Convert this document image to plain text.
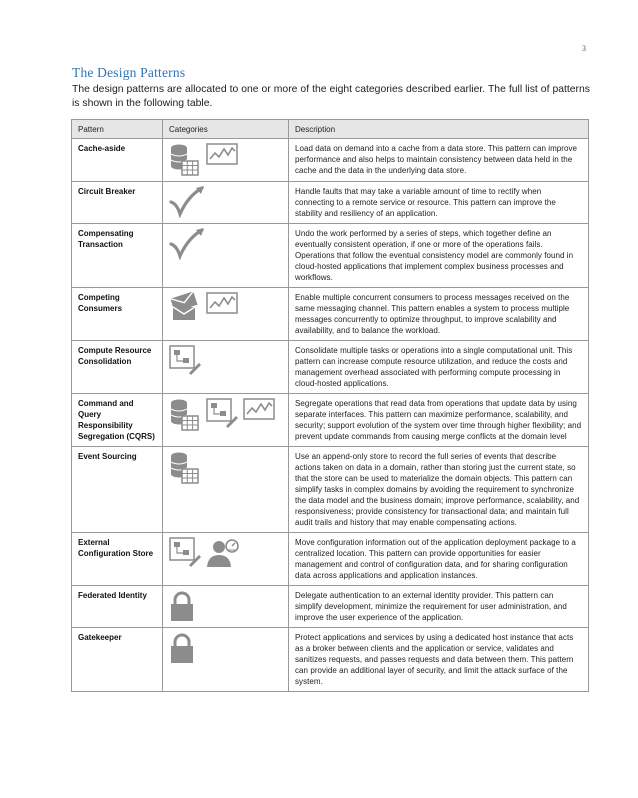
3
The Design Patterns

The design patterns are allocated to one or more of the eight categories described earlier. The full list of patterns is shown in the following table.

Pattern	Categories	Description
Cache-aside		Load data on demand into a cache from a data store. This pattern can improve performance and also helps to maintain consistency between data held in the cache and the data in the underlying data store.
Circuit Breaker		Handle faults that may take a variable amount of time to rectify when connecting to a remote service or resource. This pattern can improve the stability and resiliency of an application.
Compensating Transaction		Undo the work performed by a series of steps, which together define an eventually consistent operation, if one or more of the operations fails. Operations that follow the eventual consistency model are commonly found in cloud-hosted applications that implement complex business processes and workflows.
Competing Consumers		Enable multiple concurrent consumers to process messages received on the same messaging channel. This pattern enables a system to process multiple messages concurrently to optimize throughput, to improve scalability and availability, and to balance the workload.
Compute Resource Consolidation		Consolidate multiple tasks or operations into a single computational unit. This pattern can increase compute resource utilization, and reduce the costs and management overhead associated with performing compute processing in cloud-hosted applications.
Command and Query Responsibility Segregation (CQRS)		Segregate operations that read data from operations that update data by using separate interfaces. This pattern can maximize performance, scalability, and security; support evolution of the system over time through higher flexibility; and prevent update commands from causing merge conflicts at the domain level
Event Sourcing		Use an append-only store to record the full series of events that describe actions taken on data in a domain, rather than storing just the current state, so that the store can be used to materialize the domain objects. This pattern can simplify tasks in complex domains by avoiding the requirement to synchronize the data model and the business domain; improve performance, scalability, and responsiveness; provide consistency for transactional data; and maintain full audit trails and history that may enable compensating actions.
External Configuration Store		Move configuration information out of the application deployment package to a centralized location. This pattern can provide opportunities for easier management and control of configuration data, and for sharing configuration data across applications and application instances.
Federated Identity		Delegate authentication to an external identity provider. This pattern can simplify development, minimize the requirement for user administration, and improve the user experience of the application.
Gatekeeper		Protect applications and services by using a dedicated host instance that acts as a broker between clients and the application or service, validates and sanitizes requests, and passes requests and data between them. This pattern can provide an additional layer of security, and limit the attack surface of the system.
